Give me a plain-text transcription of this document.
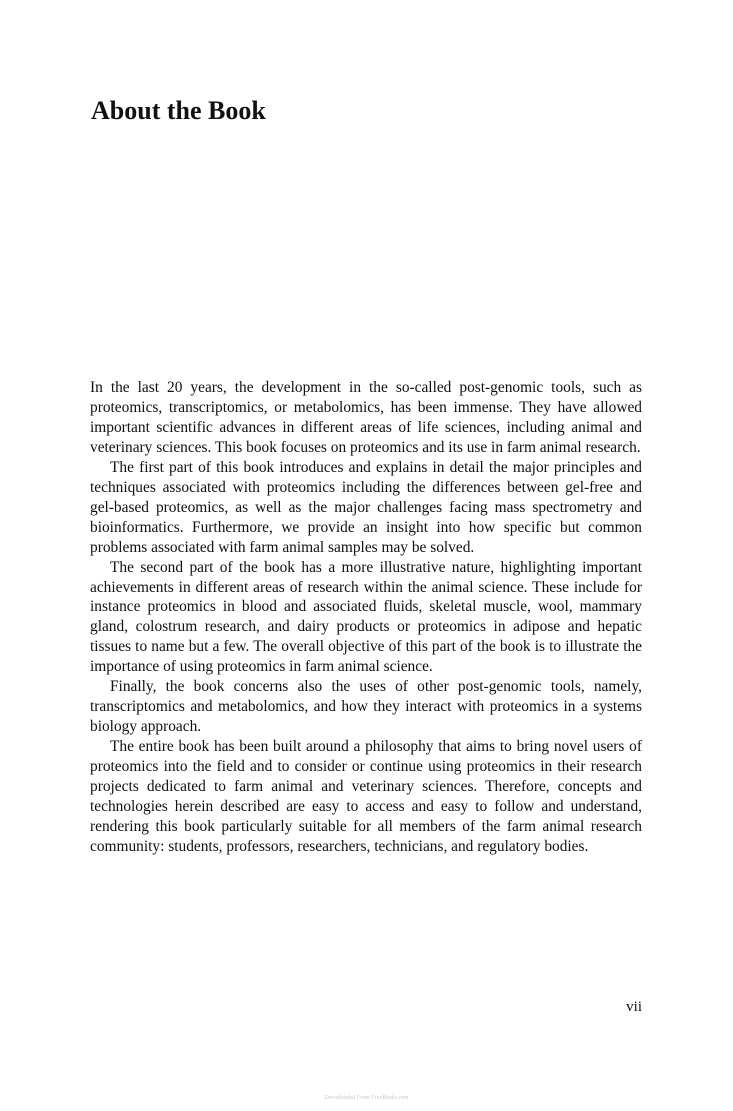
About the Book

In the last 20 years, the development in the so-called post-genomic tools, such as proteomics, transcriptomics, or metabolomics, has been immense. They have allowed important scientific advances in different areas of life sciences, including animal and veterinary sciences. This book focuses on proteomics and its use in farm animal research.

The first part of this book introduces and explains in detail the major principles and techniques associated with proteomics including the differences between gel-free and gel-based proteomics, as well as the major challenges facing mass spectrometry and bioinformatics. Furthermore, we provide an insight into how specific but common problems associated with farm animal samples may be solved.

The second part of the book has a more illustrative nature, highlighting important achievements in different areas of research within the animal science. These include for instance proteomics in blood and associated fluids, skeletal muscle, wool, mammary gland, colostrum research, and dairy products or proteomics in adipose and hepatic tissues to name but a few. The overall objective of this part of the book is to illustrate the importance of using proteomics in farm animal science.

Finally, the book concerns also the uses of other post-genomic tools, namely, transcriptomics and metabolomics, and how they interact with proteomics in a systems biology approach.

The entire book has been built around a philosophy that aims to bring novel users of proteomics into the field and to consider or continue using proteomics in their research projects dedicated to farm animal and veterinary sciences. Therefore, concepts and technologies herein described are easy to access and easy to follow and understand, rendering this book particularly suitable for all members of the farm animal research community: students, professors, researchers, technicians, and regulatory bodies.

vii
Downloaded From FreeBooks.com
